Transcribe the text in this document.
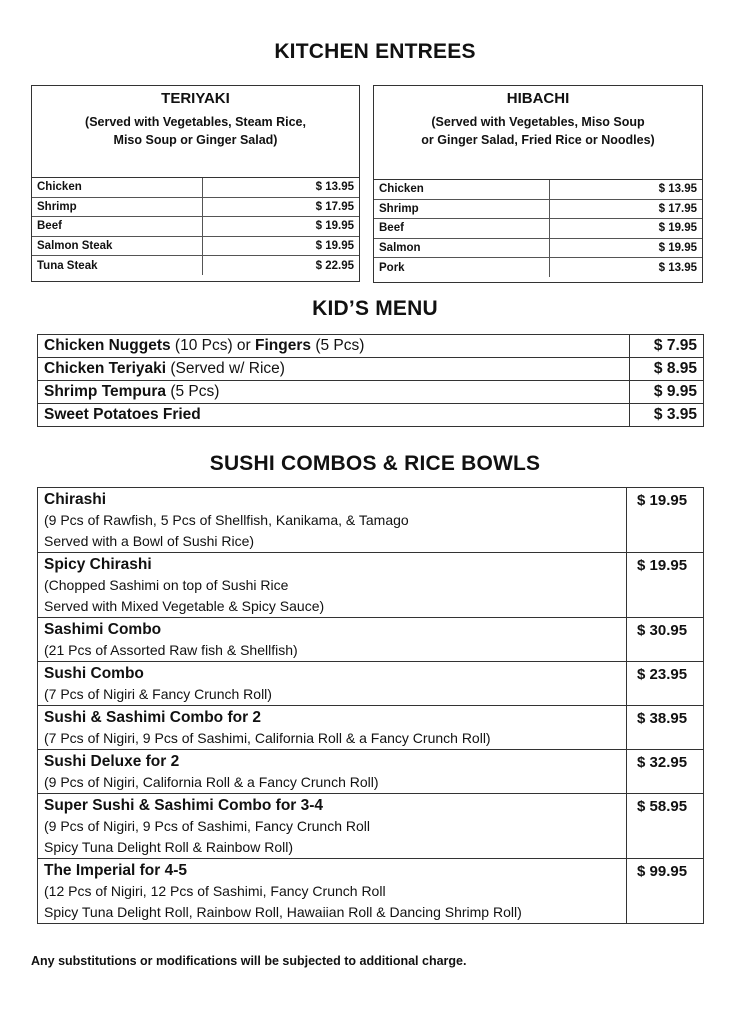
KITCHEN ENTREES
TERIYAKI
(Served with Vegetables, Steam Rice,
Miso Soup or Ginger Salad)
Chicken	$ 13.95
Shrimp	$ 17.95
Beef	$ 19.95
Salmon Steak	$ 19.95
Tuna Steak	$ 22.95
HIBACHI
(Served with Vegetables, Miso Soup
or Ginger Salad, Fried Rice or Noodles)
Chicken	$ 13.95
Shrimp	$ 17.95
Beef	$ 19.95
Salmon	$ 19.95
Pork	$ 13.95
KID’S MENU
Chicken Nuggets (10 Pcs) or Fingers (5 Pcs)	$ 7.95
Chicken Teriyaki (Served w/ Rice)	$ 8.95
Shrimp Tempura (5 Pcs)	$ 9.95
Sweet Potatoes Fried	$ 3.95
SUSHI COMBOS & RICE BOWLS
Chirashi
(9 Pcs of Rawfish, 5 Pcs of Shellfish, Kanikama, & Tamago
Served with a Bowl of Sushi Rice)	$ 19.95

Spicy Chirashi
(Chopped Sashimi on top of Sushi Rice
Served with Mixed Vegetable & Spicy Sauce)	$ 19.95

Sashimi Combo
(21 Pcs of Assorted Raw fish & Shellfish)	$ 30.95

Sushi Combo
(7 Pcs of Nigiri & Fancy Crunch Roll)	$ 23.95

Sushi & Sashimi Combo for 2
(7 Pcs of Nigiri, 9 Pcs of Sashimi, California Roll & a Fancy Crunch Roll)	$ 38.95

Sushi Deluxe for 2
(9 Pcs of Nigiri, California Roll & a Fancy Crunch Roll)	$ 32.95

Super Sushi & Sashimi Combo for 3-4
(9 Pcs of Nigiri, 9 Pcs of Sashimi, Fancy Crunch Roll
Spicy Tuna Delight Roll & Rainbow Roll)	$ 58.95

The Imperial for 4-5
(12 Pcs of Nigiri, 12 Pcs of Sashimi, Fancy Crunch Roll
Spicy Tuna Delight Roll, Rainbow Roll, Hawaiian Roll & Dancing Shrimp Roll)	$ 99.95
Any substitutions or modifications will be subjected to additional charge.
